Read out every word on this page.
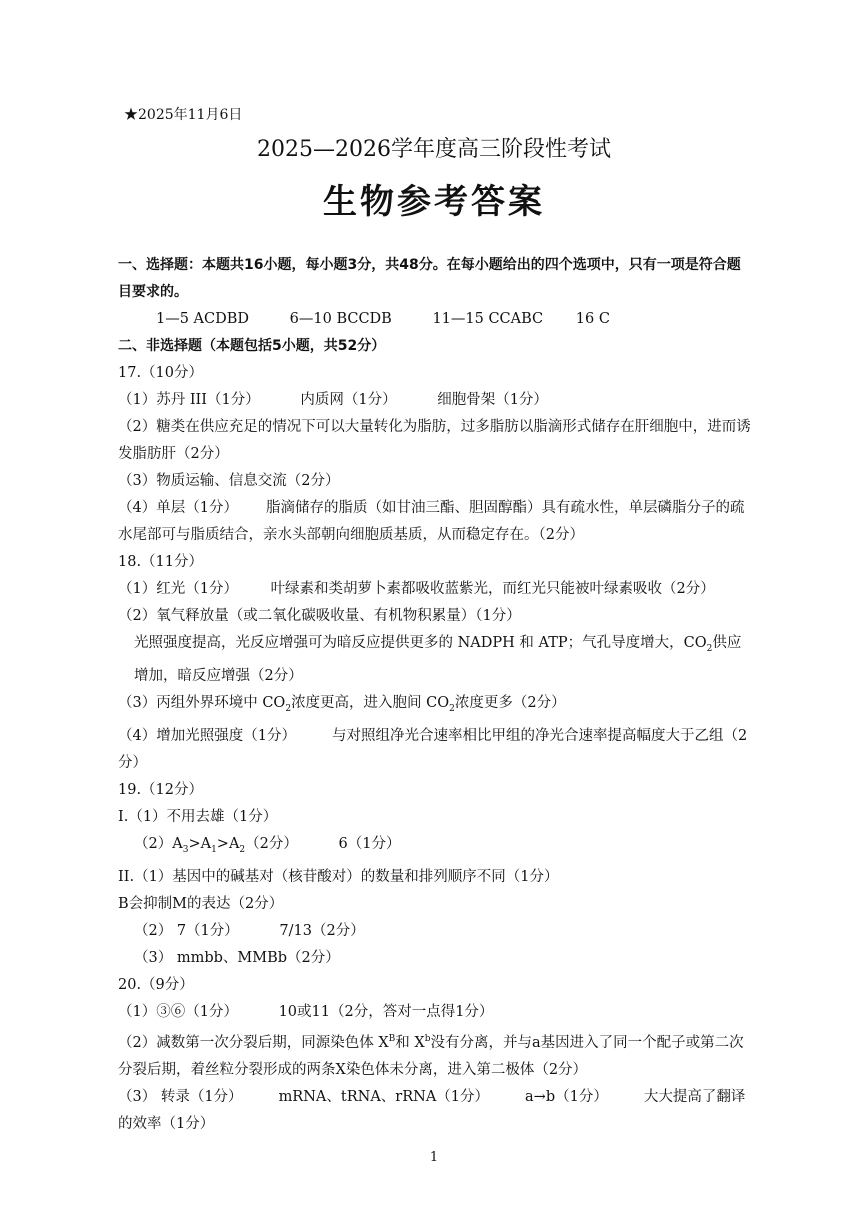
★2025年11月6日
2025—2026学年度高三阶段性考试
生物参考答案
一、选择题：本题共16小题，每小题3分，共48分。在每小题给出的四个选项中，只有一项是符合题目要求的。
1—5 ACDBD	6—10 BCCDB	11—15 CCABC 16 C
二、非选择题（本题包括5小题，共52分）
17.（10分）
（1）苏丹 III（1分）	内质网（1分）	细胞骨架（1分）
（2）糖类在供应充足的情况下可以大量转化为脂肪，过多脂肪以脂滴形式储存在肝细胞中，进而诱发脂肪肝（2分）
（3）物质运输、信息交流（2分）
（4）单层（1分） 脂滴储存的脂质（如甘油三酯、胆固醇酯）具有疏水性，单层磷脂分子的疏水尾部可与脂质结合，亲水头部朝向细胞质基质，从而稳定存在。（2分）
18.（11分）
（1）红光（1分） 叶绿素和类胡萝卜素都吸收蓝紫光，而红光只能被叶绿素吸收（2分）
（2）氧气释放量（或二氧化碳吸收量、有机物积累量）（1分）
光照强度提高，光反应增强可为暗反应提供更多的 NADPH 和 ATP；气孔导度增大，$CO_2$供应增加，暗反应增强（2分）
（3）丙组外界环境中 $CO_2$浓度更高，进入胞间 $CO_2$浓度更多（2分）
（4）增加光照强度（1分） 与对照组净光合速率相比甲组的净光合速率提高幅度大于乙组（2分）
19.（12分）
I.（1）不用去雄（1分）
$(2)A_3>A_1>A_2(2$分）	6（1分）
II.（1）基因中的碱基对（核苷酸对）的数量和排列顺序不同（1分）B会抑制M的表达（2分）
（2） 7（1分）	7/13（2分）
（3） mmbb、MMBb（2分）
20.（9分）
（1）③⑥（1分）	10或11（2分，答对一点得1分）
（2）减数第一次分裂后期，同源染色体 $X^B$和 $X^b$没有分离，并与a基因进入了同一个配子或第二次分裂后期，着丝粒分裂形成的两条X染色体未分离，进入第二极体（2分）
（3） 转录（1分） mRNA、tRNA、rRNA（1分） a→b（1分） 大大提高了翻译的效率（1分）
1
